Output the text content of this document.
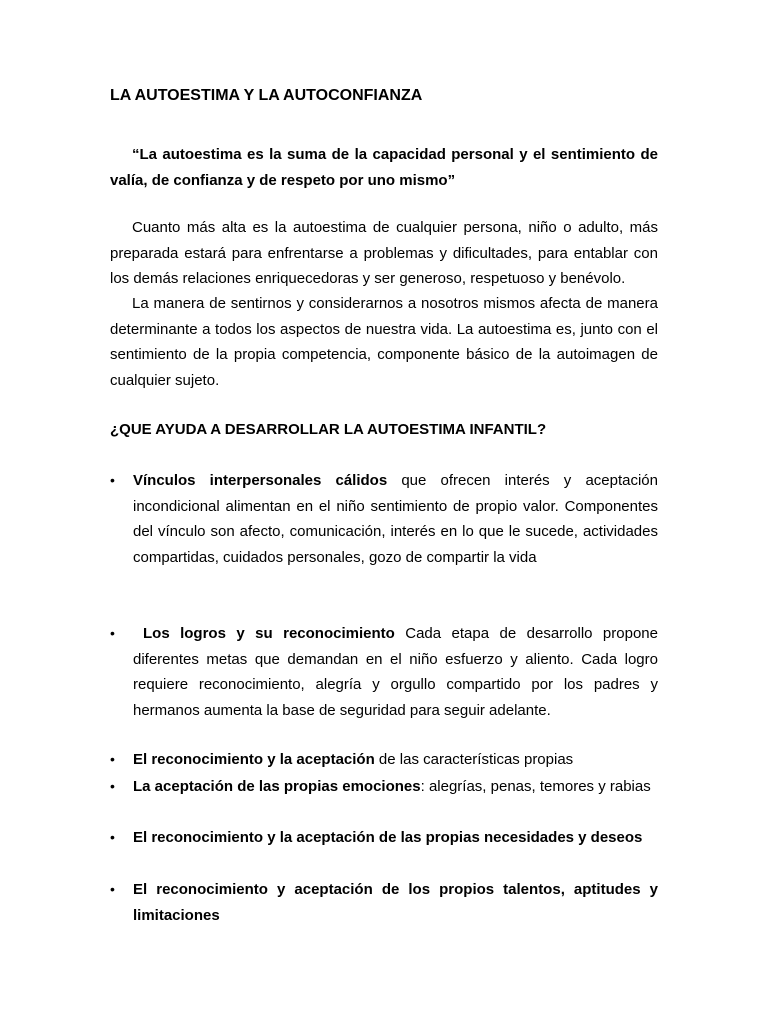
LA AUTOESTIMA Y LA AUTOCONFIANZA

“La autoestima es la suma de la capacidad personal y el sentimiento de valía, de confianza y de respeto por uno mismo”

Cuanto más alta es la autoestima de cualquier persona, niño o adulto, más preparada estará para enfrentarse a problemas y dificultades, para entablar con los demás relaciones enriquecedoras y ser generoso, respetuoso y benévolo.

La manera de sentirnos y considerarnos a nosotros mismos afecta de manera determinante a todos los aspectos de nuestra vida. La autoestima es, junto con el sentimiento de la propia competencia, componente básico de la autoimagen de cualquier sujeto.

¿QUE AYUDA A DESARROLLAR LA AUTOESTIMA INFANTIL?
•	Vínculos interpersonales cálidos que ofrecen interés y aceptación incondicional alimentan en el niño sentimiento de propio valor. Componentes del vínculo son afecto, comunicación, interés en lo que le sucede, actividades compartidas, cuidados personales, gozo de compartir la vida
•	Los logros y su reconocimiento Cada etapa de desarrollo propone diferentes metas que demandan en el niño esfuerzo y aliento. Cada logro requiere reconocimiento, alegría y orgullo compartido por los padres y hermanos aumenta la base de seguridad para seguir adelante.
•	El reconocimiento y la aceptación de las características propias
•	La aceptación de las propias emociones: alegrías, penas, temores y rabias
•	El reconocimiento y la aceptación de las propias necesidades y deseos
•	El reconocimiento y aceptación de los propios talentos, aptitudes y limitaciones
